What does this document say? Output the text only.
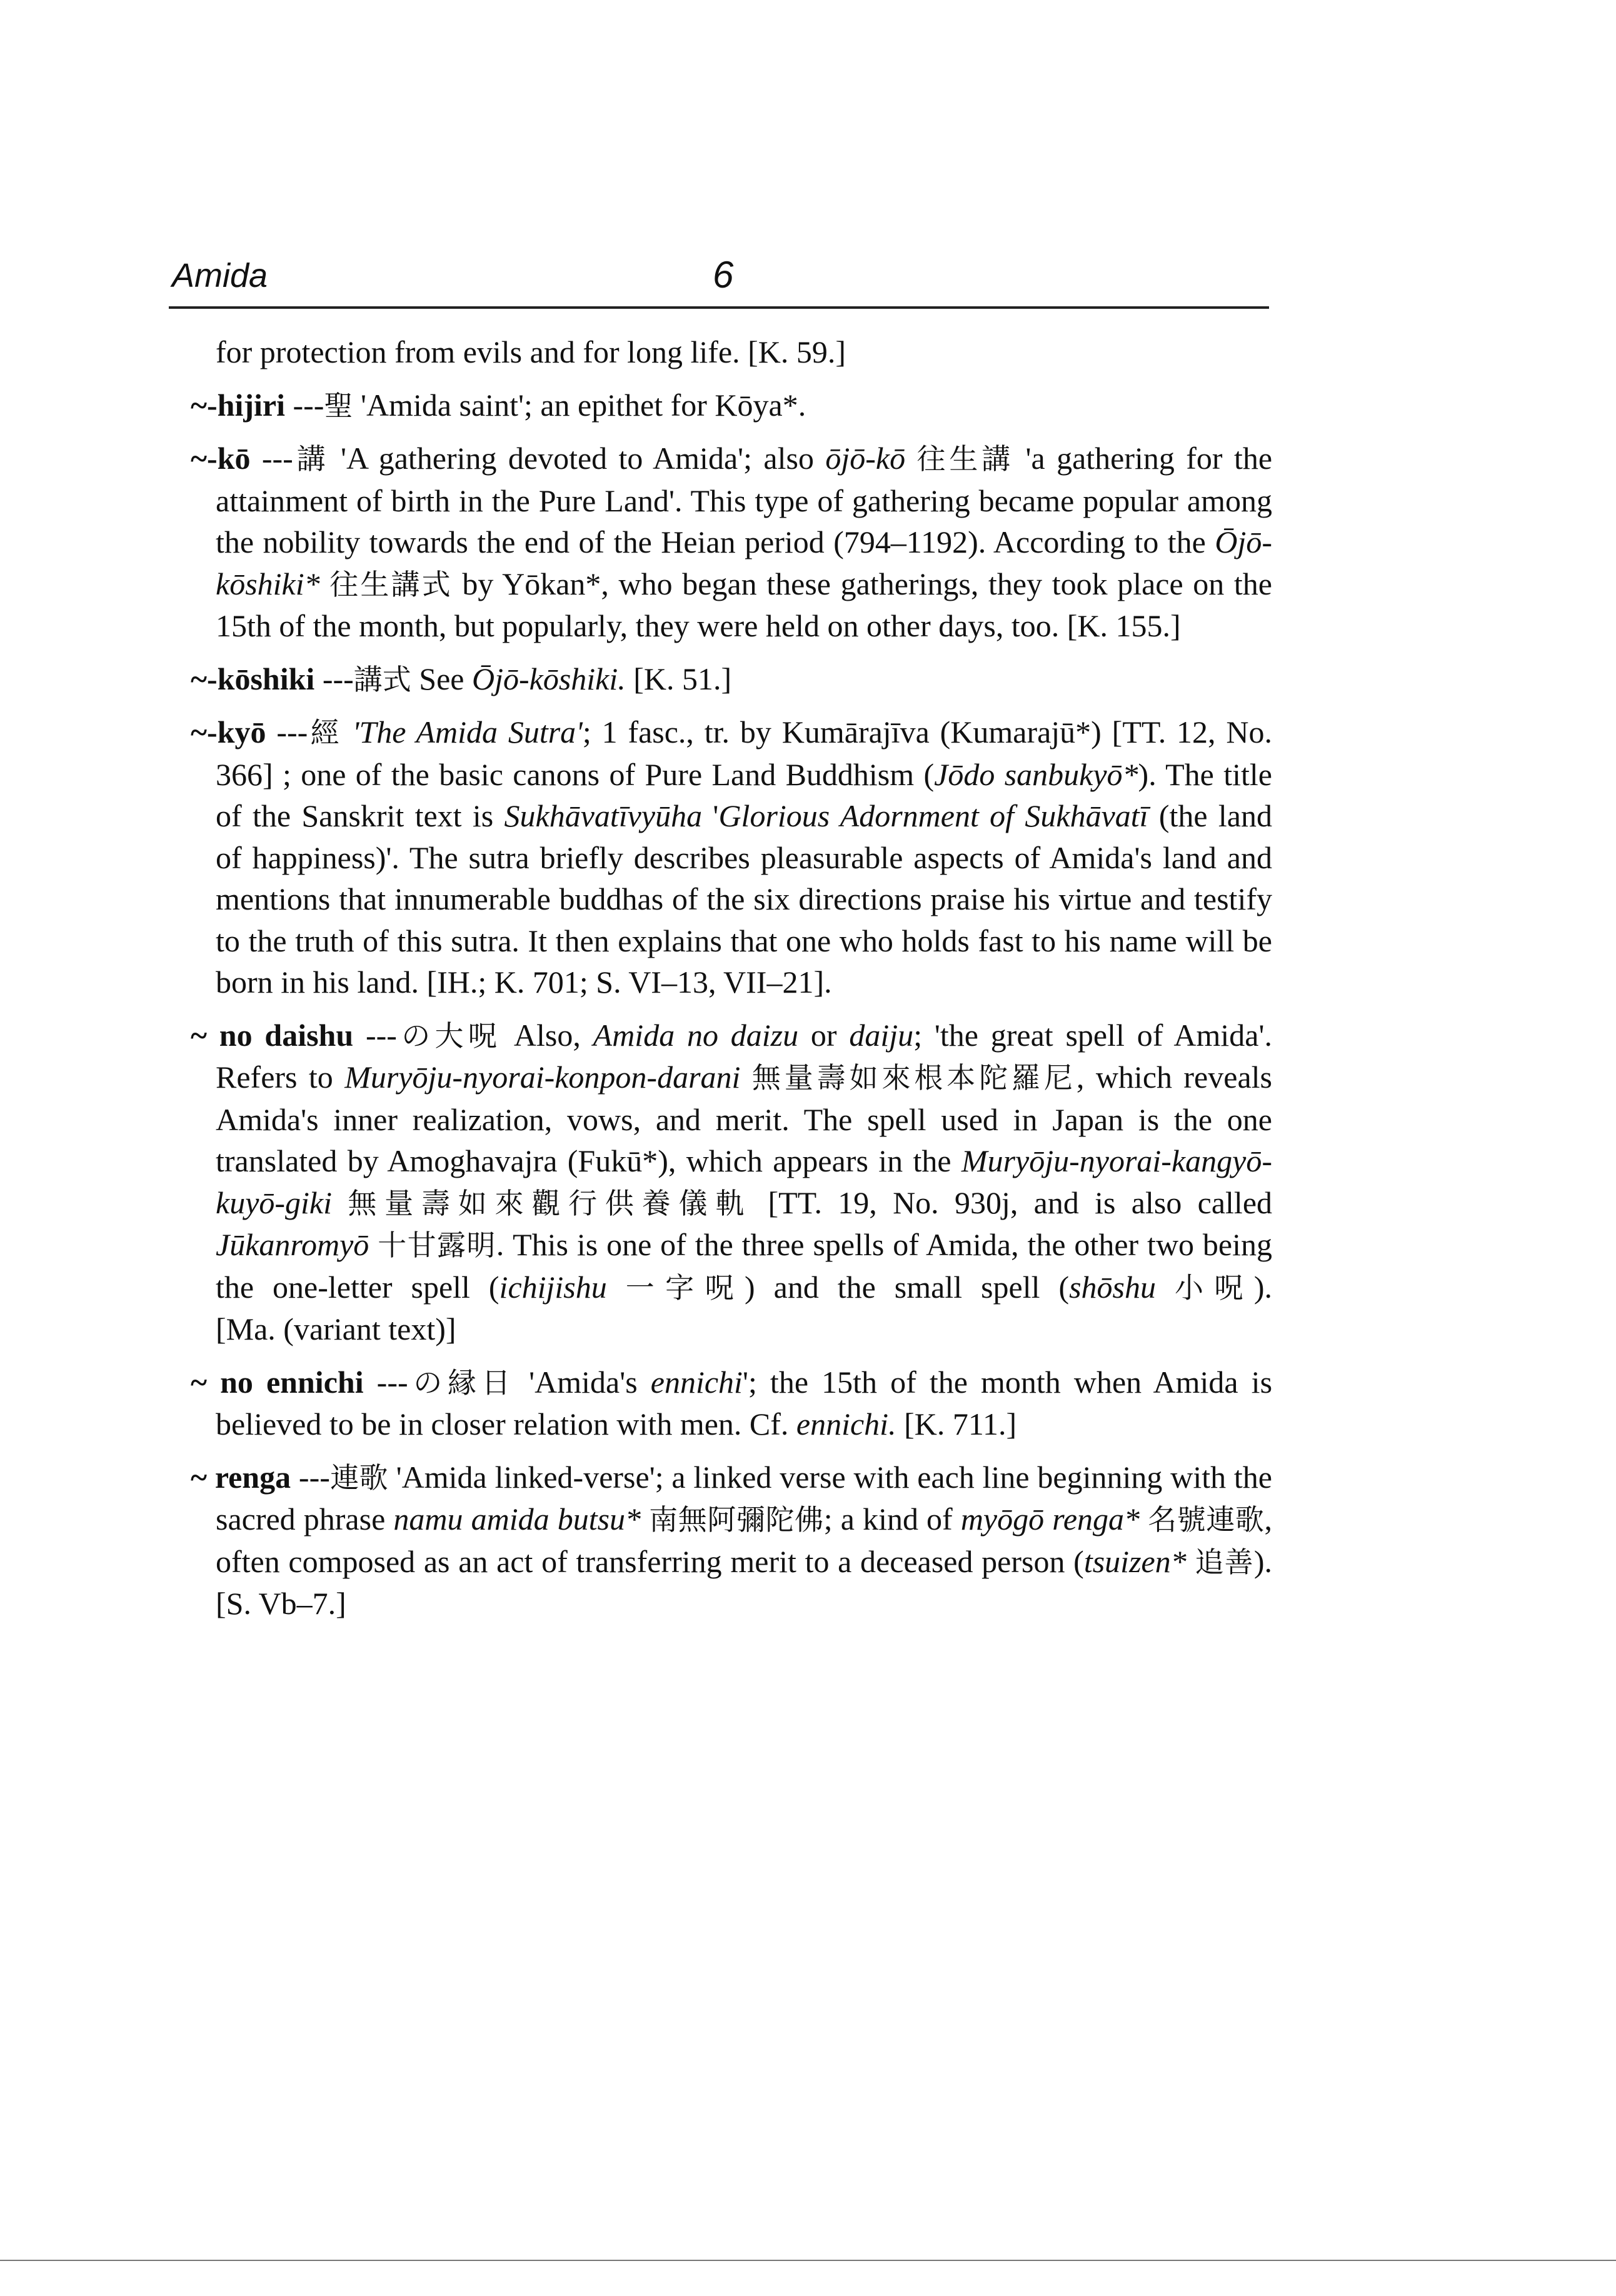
Amida	6

for protection from evils and for long life. [K. 59.]

~-hijiri ---聖 'Amida saint'; an epithet for Kōya*.

~-kō ---講 'A gathering devoted to Amida'; also ōjō-kō 往生講 'a gathering for the attainment of birth in the Pure Land'. This type of gathering became popular among the nobility towards the end of the Heian period (794–1192). According to the Ōjō-kōshiki* 往生講式 by Yōkan*, who began these gatherings, they took place on the 15th of the month, but popularly, they were held on other days, too. [K. 155.]

~-kōshiki ---講式 See Ōjō-kōshiki. [K. 51.]

~-kyō ---經 'The Amida Sutra'; 1 fasc., tr. by Kumārajīva (Kumarajū*) [TT. 12, No. 366] ; one of the basic canons of Pure Land Buddhism (Jōdo sanbukyō*). The title of the Sanskrit text is Sukhāvatīvyūha 'Glorious Adornment of Sukhāvatī (the land of happiness)'. The sutra briefly describes pleasurable aspects of Amida's land and mentions that innumerable buddhas of the six directions praise his virtue and testify to the truth of this sutra. It then explains that one who holds fast to his name will be born in his land. [IH.; K. 701; S. VI–13, VII–21].

~ no daishu ---の大呪 Also, Amida no daizu or daiju; 'the great spell of Amida'. Refers to Muryōju-nyorai-konpon-darani 無量壽如來根本陀羅尼, which reveals Amida's inner realization, vows, and merit. The spell used in Japan is the one translated by Amoghavajra (Fukū*), which appears in the Muryōju-nyorai-kangyō-kuyō-giki 無量壽如來觀行供養儀軌 [TT. 19, No. 930j, and is also called Jūkanromyō 十甘露明. This is one of the three spells of Amida, the other two being the one-letter spell (ichijishu 一字呪) and the small spell (shōshu 小呪). [Ma. (variant text)]

~ no ennichi ---の縁日 'Amida's ennichi'; the 15th of the month when Amida is believed to be in closer relation with men. Cf. ennichi. [K. 711.]

~ renga ---連歌 'Amida linked-verse'; a linked verse with each line beginning with the sacred phrase namu amida butsu* 南無阿彌陀佛; a kind of myōgō renga* 名號連歌, often composed as an act of transferring merit to a deceased person (tsuizen* 追善). [S. Vb–7.]
